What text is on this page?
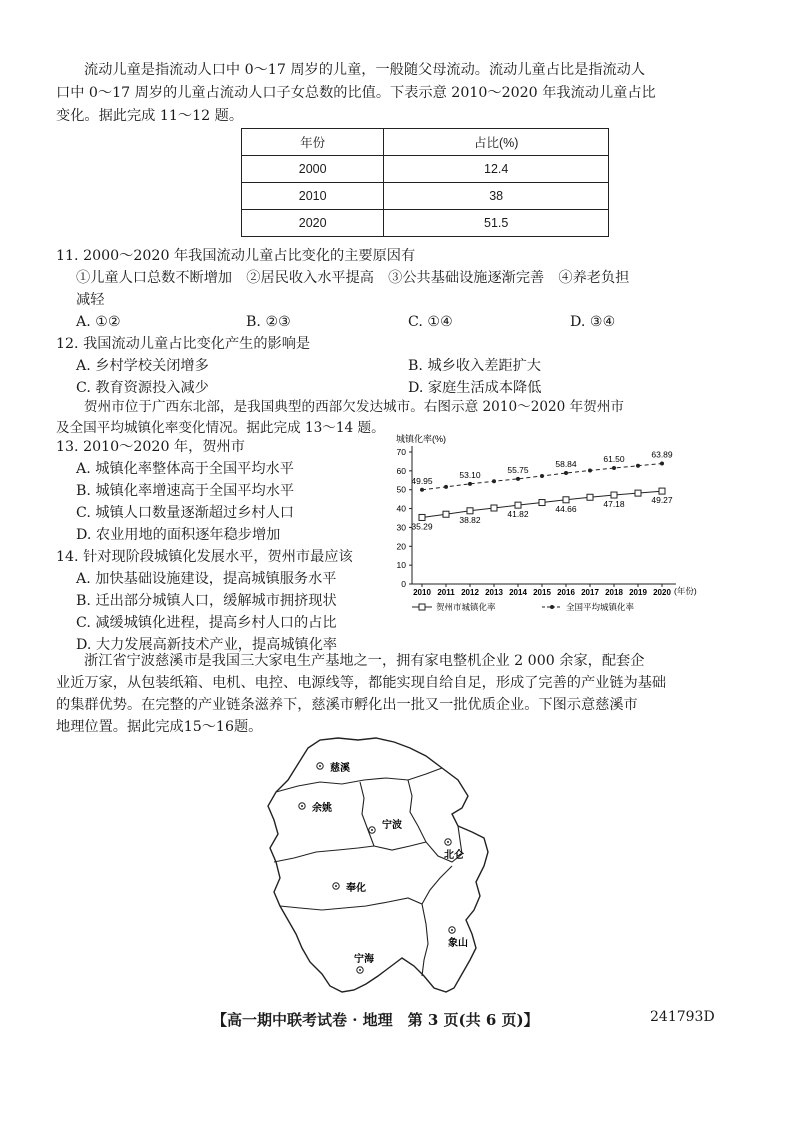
流动儿童是指流动人口中 0～17 周岁的儿童，一般随父母流动。流动儿童占比是指流动人

口中 0～17 周岁的儿童占流动人口子女总数的比值。下表示意 2010～2020 年我流动儿童占比

变化。据此完成 11～12 题。

年份	占比(%)
2000	12.4
2010	38
2020	51.5
11. 2000～2020 年我国流动儿童占比变化的主要原因有
①儿童人口总数不断增加　②居民收入水平提高　③公共基础设施逐渐完善　④养老负担
减轻
A. ①②	B. ②③	C. ①④	D. ③④
12. 我国流动儿童占比变化产生的影响是
A. 乡村学校关闭增多	B. 城乡收入差距扩大
C. 教育资源投入减少	D. 家庭生活成本降低

贺州市位于广西东北部，是我国典型的西部欠发达城市。右图示意 2010～2020 年贺州市

及全国平均城镇化率变化情况。据此完成 13～14 题。

13. 2010～2020 年，贺州市
A. 城镇化率整体高于全国平均水平
B. 城镇化率增速高于全国平均水平
C. 城镇人口数量逐渐超过乡村人口
D. 农业用地的面积逐年稳步增加
14. 针对现阶段城镇化发展水平，贺州市最应该
A. 加快基础设施建设，提高城镇服务水平
B. 迁出部分城镇人口，缓解城市拥挤现状
C. 减缓城镇化进程，提高乡村人口的占比
D. 大力发展高新技术产业，提高城镇化率
城镇化率(%)
0
10
20
30
40
50
60
70
2010 2011 2012 2013 2014 2015 2016 2017 2018 2019 2020
35.29
38.82
41.82
44.66	47.18	49.27
49.95
53.10	55.75
58.84
61.50	63.89
(年份)
贺州市城镇化率	全国平均城镇化率

浙江省宁波慈溪市是我国三大家电生产基地之一，拥有家电整机企业 2 000 余家，配套企

业近万家，从包装纸箱、电机、电控、电源线等，都能实现自给自足，形成了完善的产业链为基础

的集群优势。在完整的产业链条滋养下，慈溪市孵化出一批又一批优质企业。下图示意慈溪市

地理位置。据此完成15～16题。

慈溪
余姚
宁波
北仑
奉化
象山
宁海
【高一期中联考试卷 · 地理　第 3 页(共 6 页)】	241793D
